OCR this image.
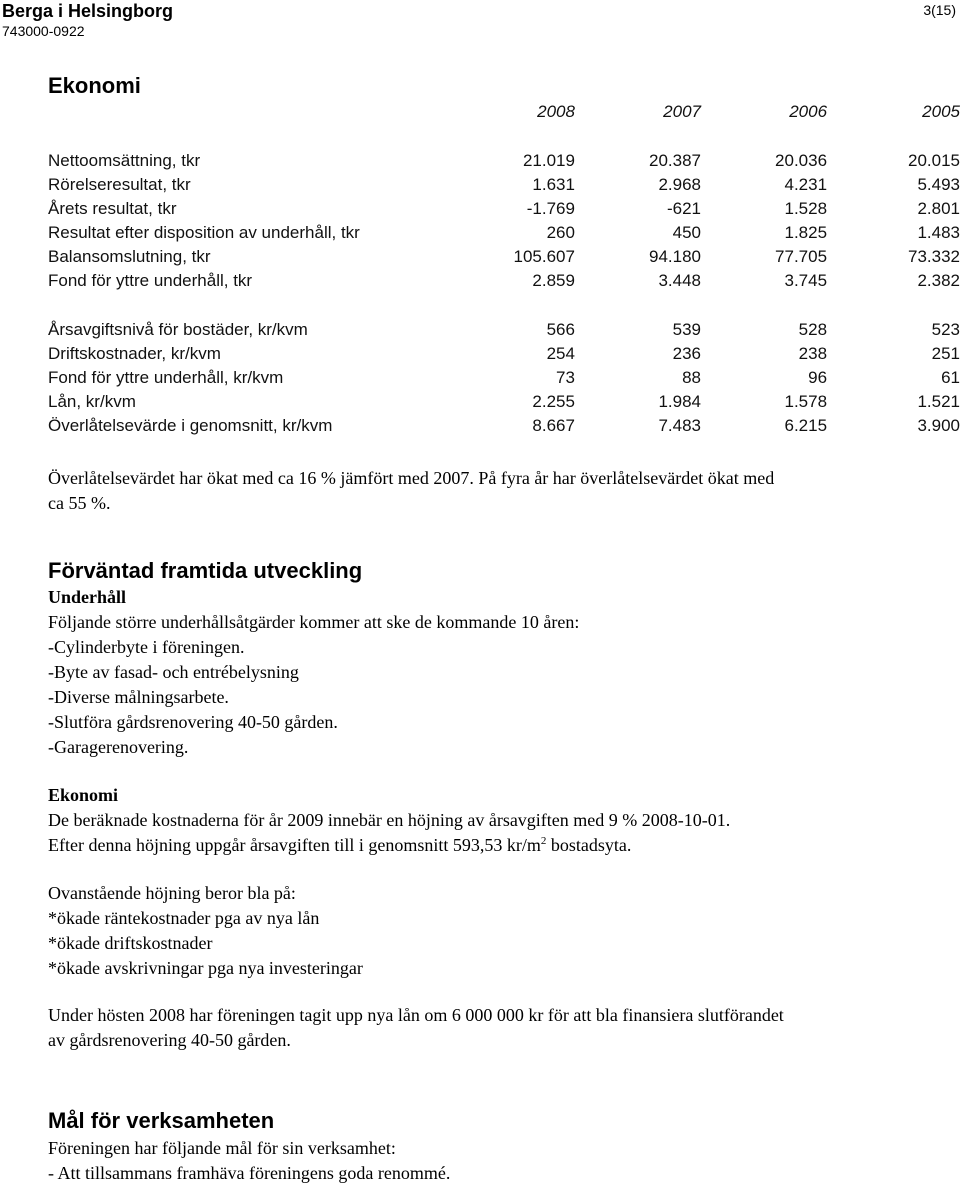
Berga i Helsingborg
743000-0922
3(15)
Ekonomi
	2008	2007	2006	2005

Nettoomsättning, tkr	21.019	20.387	20.036	20.015
Rörelseresultat, tkr	1.631	2.968	4.231	5.493
Årets resultat, tkr	-1.769	-621	1.528	2.801
Resultat efter disposition av underhåll, tkr	260	450	1.825	1.483
Balansomslutning, tkr	105.607	94.180	77.705	73.332
Fond för yttre underhåll, tkr	2.859	3.448	3.745	2.382

Årsavgiftsnivå för bostäder, kr/kvm	566	539	528	523
Driftskostnader, kr/kvm	254	236	238	251
Fond för yttre underhåll, kr/kvm	73	88	96	61
Lån, kr/kvm	2.255	1.984	1.578	1.521
Överlåtelsevärde i genomsnitt, kr/kvm	8.667	7.483	6.215	3.900
Överlåtelsevärdet har ökat med ca 16 % jämfört med 2007. På fyra år har överlåtelsevärdet ökat med
ca 55 %.
Förväntad framtida utveckling
Underhåll
Följande större underhållsåtgärder kommer att ske de kommande 10 åren:
-Cylinderbyte i föreningen.
-Byte av fasad- och entrébelysning
-Diverse målningsarbete.
-Slutföra gårdsrenovering 40-50 gården.
-Garagerenovering.
Ekonomi
De beräknade kostnaderna för år 2009 innebär en höjning av årsavgiften med 9 % 2008-10-01.
Efter denna höjning uppgår årsavgiften till i genomsnitt 593,53 $kr/m^2$ bostadsyta.
Ovanstående höjning beror bla på:
*ökade räntekostnader pga av nya lån
*ökade driftskostnader
*ökade avskrivningar pga nya investeringar
Under hösten 2008 har föreningen tagit upp nya lån om 6 000 000 kr för att bla finansiera slutförandet
av gårdsrenovering 40-50 gården.
Mål för verksamheten
Föreningen har följande mål för sin verksamhet:
- Att tillsammans framhäva föreningens goda renommé.
